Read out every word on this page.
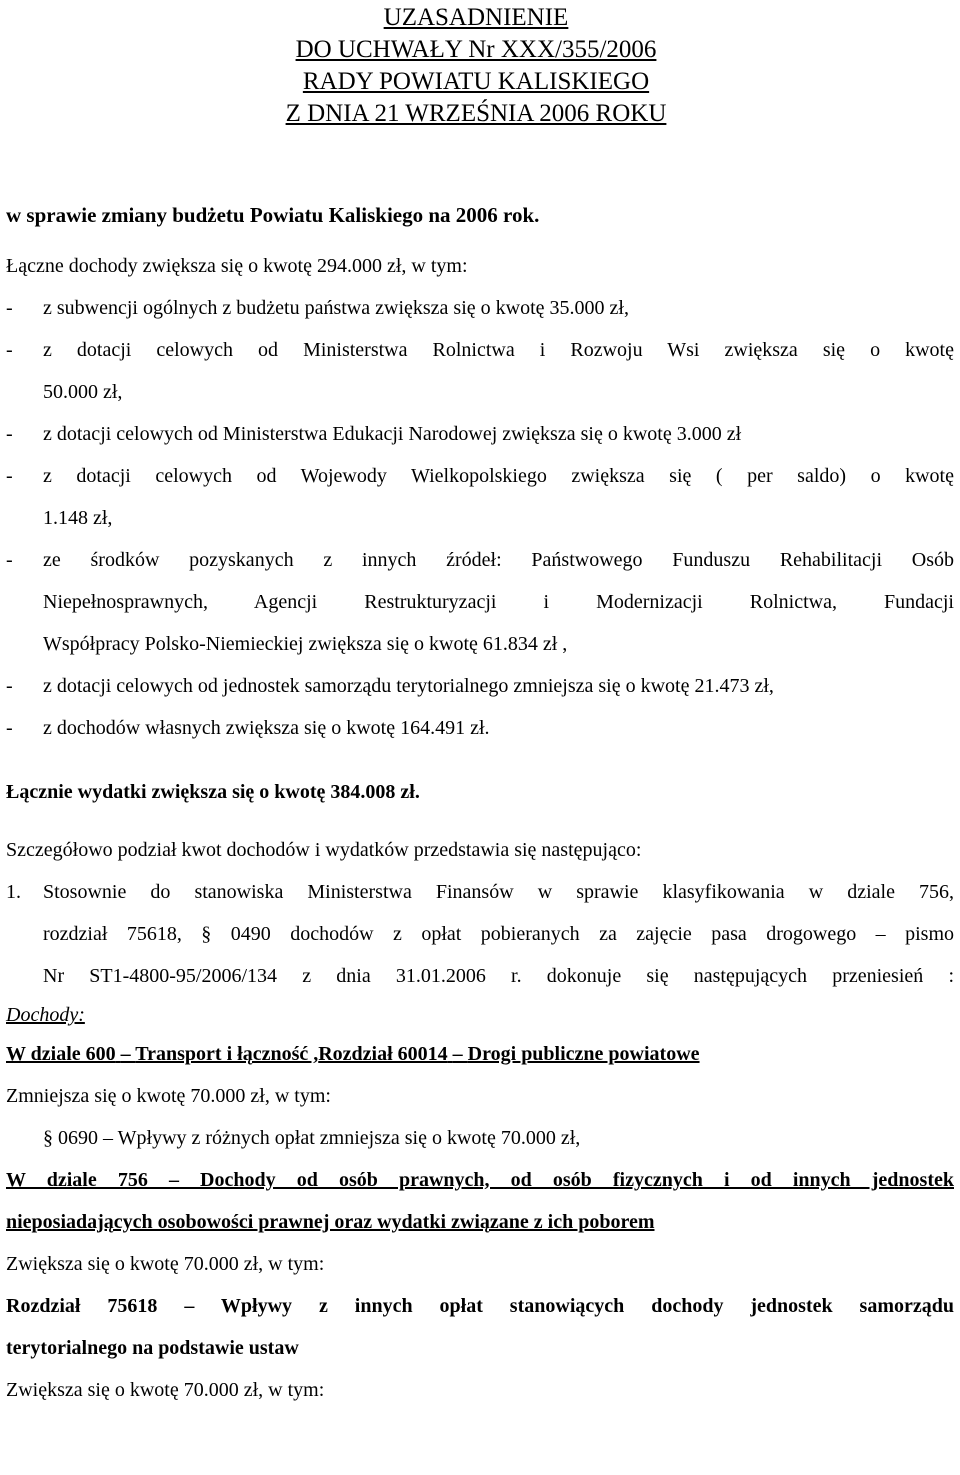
UZASADNIENIE
DO UCHWAŁY Nr XXX/355/2006
RADY POWIATU KALISKIEGO
Z DNIA 21 WRZEŚNIA 2006 ROKU
w sprawie zmiany budżetu Powiatu Kaliskiego na 2006 rok.
Łączne dochody zwiększa się o kwotę 294.000 zł, w tym:
-	z subwencji ogólnych z budżetu państwa zwiększa się o kwotę 35.000 zł,
-	z dotacji celowych od Ministerstwa Rolnictwa i Rozwoju Wsi zwiększa się o kwotę
50.000 zł,
-	z dotacji celowych od Ministerstwa Edukacji Narodowej zwiększa się o kwotę 3.000 zł
-	z dotacji celowych od Wojewody Wielkopolskiego zwiększa się ( per saldo) o kwotę
1.148 zł,
-	ze środków pozyskanych z innych źródeł: Państwowego Funduszu Rehabilitacji Osób
Niepełnosprawnych, Agencji Restrukturyzacji i Modernizacji Rolnictwa, Fundacji
Współpracy Polsko-Niemieckiej zwiększa się o kwotę 61.834 zł ,
-	z dotacji celowych od jednostek samorządu terytorialnego zmniejsza się o kwotę 21.473 zł,
-	z dochodów własnych zwiększa się o kwotę 164.491 zł.
Łącznie wydatki zwiększa się o kwotę 384.008 zł.
Szczegółowo podział kwot dochodów i wydatków przedstawia się następująco:
1.	Stosownie do stanowiska Ministerstwa Finansów w sprawie klasyfikowania w dziale 756,
rozdział 75618, § 0490 dochodów z opłat pobieranych za zajęcie pasa drogowego – pismo
Nr ST1-4800-95/2006/134 z dnia 31.01.2006 r. dokonuje się następujących przeniesień :
Dochody:
W dziale 600 – Transport i łączność ,Rozdział 60014 – Drogi publiczne powiatowe
Zmniejsza się o kwotę 70.000 zł, w tym:
§ 0690 – Wpływy z różnych opłat zmniejsza się o kwotę 70.000 zł,
W dziale 756 – Dochody od osób prawnych, od osób fizycznych i od innych jednostek
nieposiadających osobowości prawnej oraz wydatki związane z ich poborem
Zwiększa się o kwotę 70.000 zł, w tym:
Rozdział 75618 – Wpływy z innych opłat stanowiących dochody jednostek samorządu
terytorialnego na podstawie ustaw
Zwiększa się o kwotę 70.000 zł, w tym:
